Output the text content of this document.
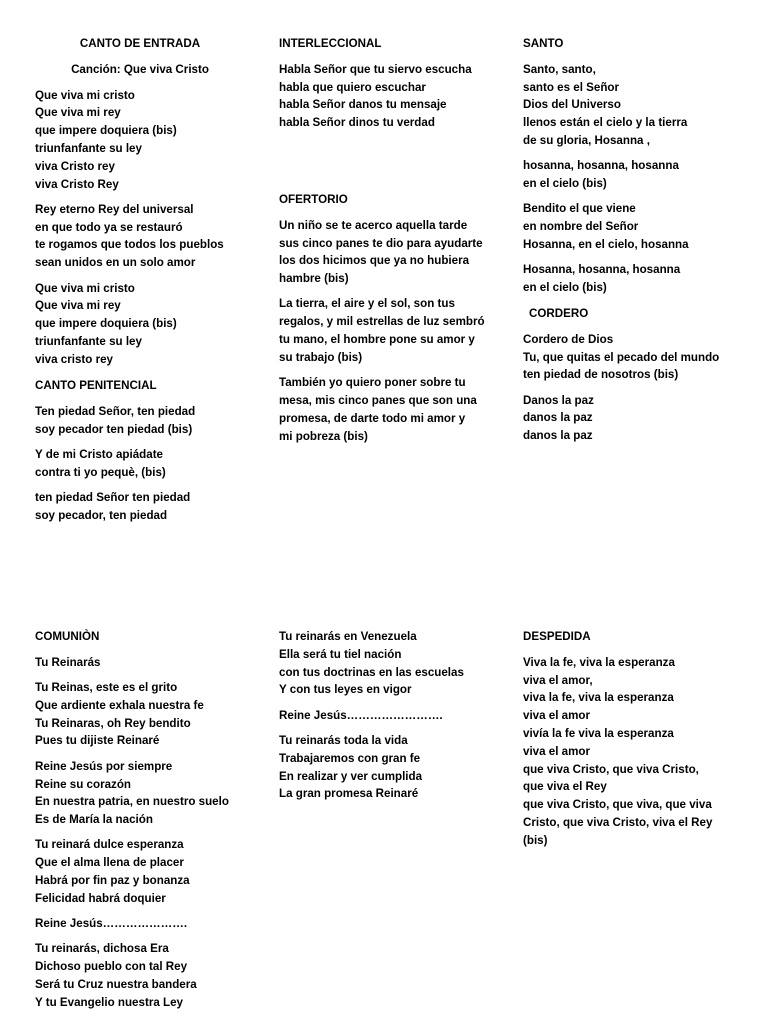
CANTO DE ENTRADA
Canción: Que viva Cristo
Que viva mi cristo
Que viva mi rey
que impere doquiera (bis)
triunfanfante su ley
viva Cristo rey
viva Cristo Rey
Rey eterno Rey del universal
en que todo ya se restauró
te rogamos que todos los pueblos
sean unidos en un solo amor
Que viva mi cristo
Que viva mi rey
que impere doquiera (bis)
triunfanfante su ley
viva cristo rey
CANTO PENITENCIAL
Ten piedad Señor, ten piedad
soy pecador ten piedad (bis)
Y de mi Cristo apiádate
contra ti yo pequè, (bis)
ten piedad Señor ten piedad
soy pecador, ten piedad
INTERLECCIONAL
Habla Señor que tu siervo escucha
habla que quiero escuchar
habla Señor danos tu mensaje
habla Señor dinos tu verdad
OFERTORIO
Un niño se te acerco aquella tarde
sus cinco panes te dio para ayudarte
los dos hicimos que ya no hubiera
hambre (bis)
La tierra, el aire y el sol, son tus
regalos, y mil estrellas de luz sembró
tu mano, el hombre pone su amor y
su trabajo (bis)
También yo quiero poner sobre tu
mesa, mis cinco panes que son una
promesa, de darte todo mi amor y
mi pobreza (bis)
SANTO
Santo, santo,
santo es el Señor
Dios del Universo
llenos están el cielo y la tierra
de su gloria, Hosanna ,
hosanna, hosanna, hosanna
en el cielo (bis)
Bendito el que viene
en nombre del Señor
Hosanna, en el cielo, hosanna
Hosanna, hosanna, hosanna
en el cielo (bis)
CORDERO
Cordero de Dios
Tu, que quitas el pecado del mundo
ten piedad de nosotros (bis)
Danos la paz
danos la paz
danos la paz
COMUNIÒN
Tu Reinarás
Tu Reinas, este es el grito
Que ardiente exhala nuestra fe
Tu Reinaras, oh Rey bendito
Pues tu dijiste Reinaré
Reine Jesús por siempre
Reine su corazón
En nuestra patria, en nuestro suelo
Es de María la nación
Tu reinará dulce esperanza
Que el alma llena de placer
Habrá por fin paz y bonanza
Felicidad habrá doquier
Reine Jesús………………….
Tu reinarás, dichosa Era
Dichoso pueblo con tal Rey
Será tu Cruz nuestra bandera
Y tu Evangelio nuestra Ley
Tu reinarás en Venezuela
Ella será tu tiel nación
con tus doctrinas en las escuelas
Y con tus leyes en vigor
Reine Jesús…………………….
Tu reinarás toda la vida
Trabajaremos con gran fe
En realizar y ver cumplida
La gran promesa Reinaré
DESPEDIDA
Viva la fe, viva la esperanza
viva el amor,
viva la fe, viva la esperanza
viva el amor
vivía la fe viva la esperanza
viva el amor
que viva Cristo, que viva Cristo,
que viva el Rey
que viva Cristo, que viva, que viva
Cristo, que viva Cristo, viva el Rey
(bis)
